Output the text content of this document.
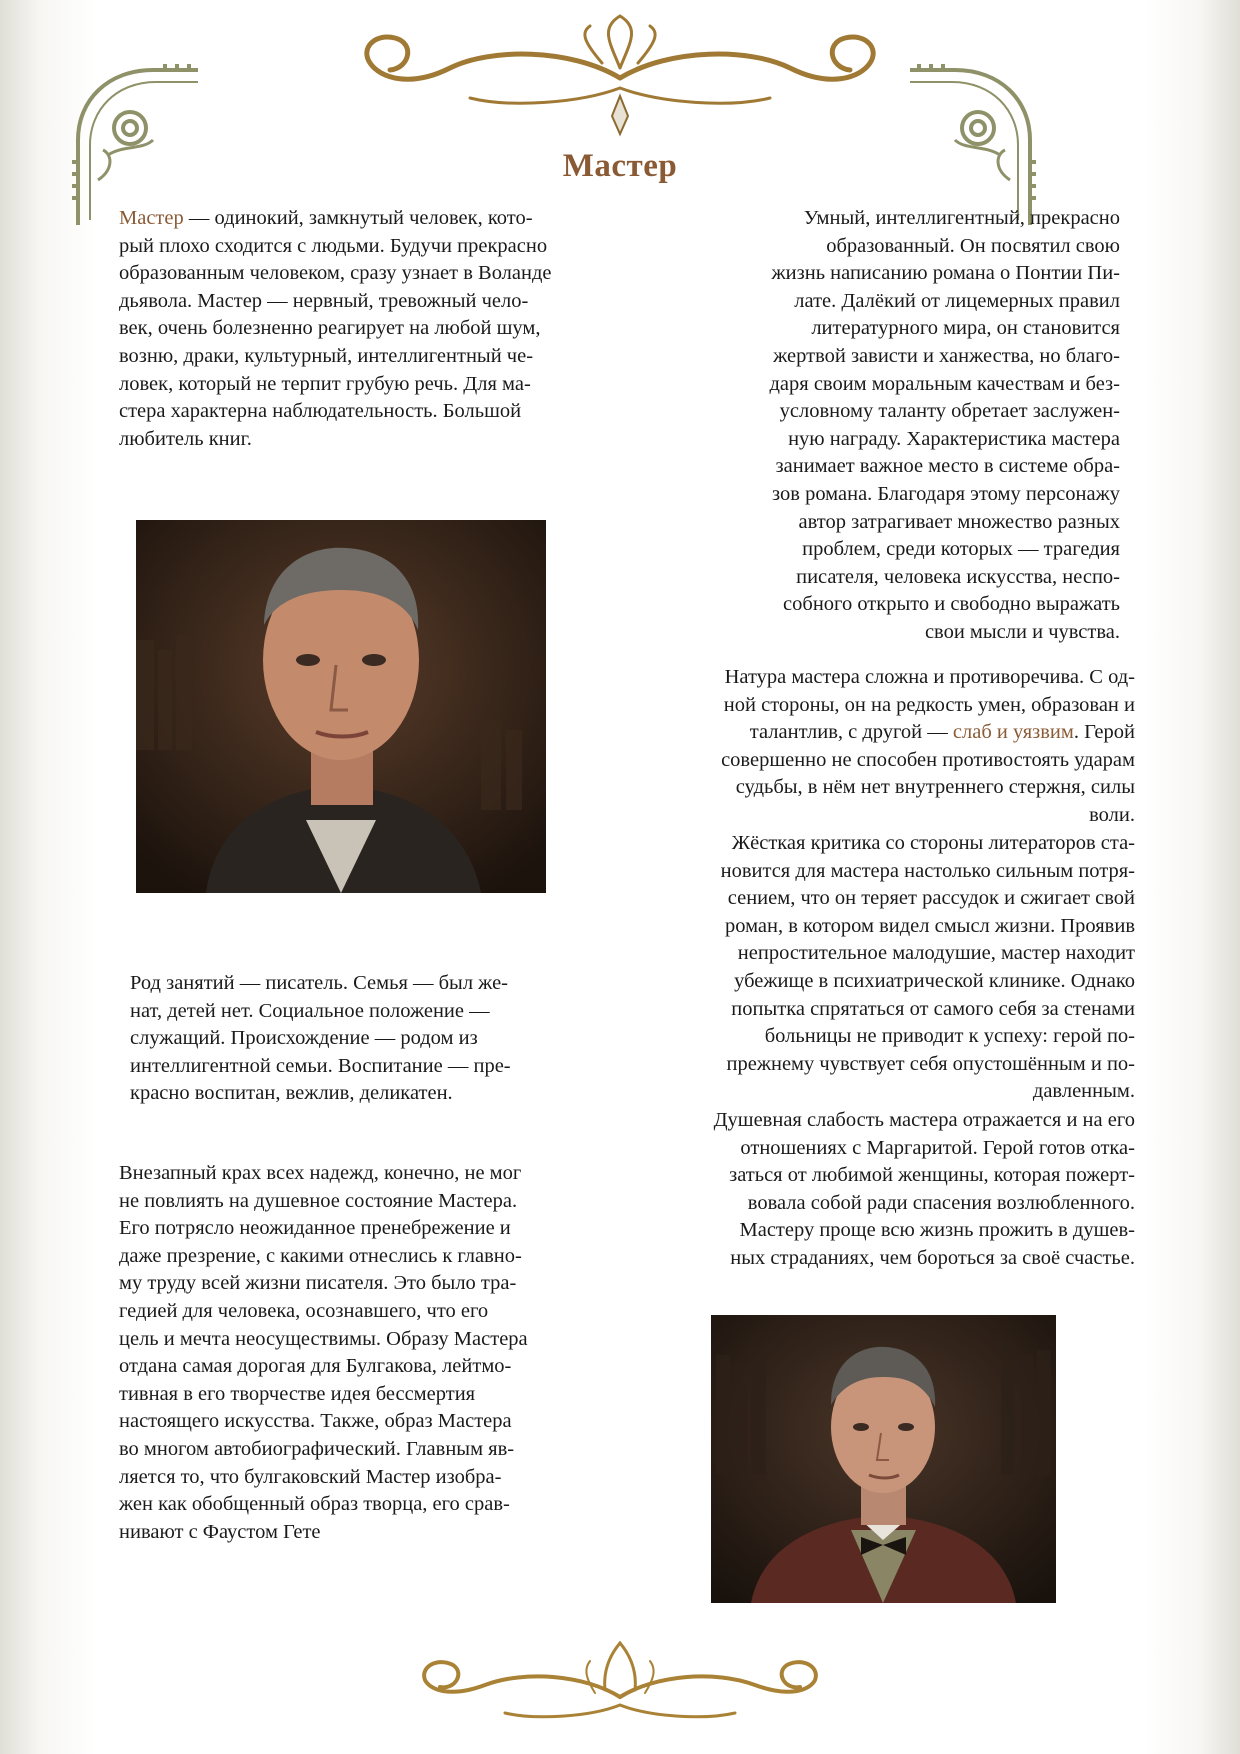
Мастер

Мастер — одинокий, замкнутый человек, кото-

рый плохо сходится с людьми. Будучи прекрасно

образованным человеком, сразу узнает в Воланде

дьявола. Мастер — нервный, тревожный чело-

век, очень болезненно реагирует на любой шум,

возню, драки, культурный, интеллигентный че-

ловек, который не терпит грубую речь. Для ма-

стера характерна наблюдательность. Большой

любитель книг.

Умный, интеллигентный, прекрасно

образованный. Он посвятил свою

жизнь написанию романа о Понтии Пи-

лате. Далёкий от лицемерных правил

литературного мира, он становится

жертвой зависти и ханжества, но благо-

даря своим моральным качествам и без-

условному таланту обретает заслужен-

ную награду. Характеристика мастера

занимает важное место в системе обра-

зов романа. Благодаря этому персонажу

автор затрагивает множество разных

проблем, среди которых — трагедия

писателя, человека искусства, неспо-

собного открыто и свободно выражать

свои мысли и чувства.

Натура мастера сложна и противоречива. С од-

ной стороны, он на редкость умен, образован и

талантлив, с другой — слаб и уязвим. Герой

совершенно не способен противостоять ударам

судьбы, в нём нет внутреннего стержня, силы

воли.

Жёсткая критика со стороны литераторов ста-

новится для мастера настолько сильным потря-

сением, что он теряет рассудок и сжигает свой

роман, в котором видел смысл жизни. Проявив

непростительное малодушие, мастер находит

убежище в психиатрической клинике. Однако

попытка спрятаться от самого себя за стенами

больницы не приводит к успеху: герой по-

прежнему чувствует себя опустошённым и по-

давленным.

Душевная слабость мастера отражается и на его

отношениях с Маргаритой. Герой готов отка-

заться от любимой женщины, которая пожерт-

вовала собой ради спасения возлюбленного.

Мастеру проще всю жизнь прожить в душев-

ных страданиях, чем бороться за своё счастье.

Род занятий — писатель. Семья — был же-

нат, детей нет. Социальное положение —

служащий. Происхождение — родом из

интеллигентной семьи. Воспитание — пре-

красно воспитан, вежлив, деликатен.

Внезапный крах всех надежд, конечно, не мог

не повлиять на душевное состояние Мастера.

Его потрясло неожиданное пренебрежение и

даже презрение, с какими отнеслись к главно-

му труду всей жизни писателя. Это было тра-

гедией для человека, осознавшего, что его

цель и мечта неосуществимы. Образу Мастера

отдана самая дорогая для Булгакова, лейтмо-

тивная в его творчестве идея бессмертия

настоящего искусства. Также, образ Мастера

во многом автобиографический. Главным яв-

ляется то, что булгаковский Мастер изобра-

жен как обобщенный образ творца, его срав-

нивают с Фаустом Гете
